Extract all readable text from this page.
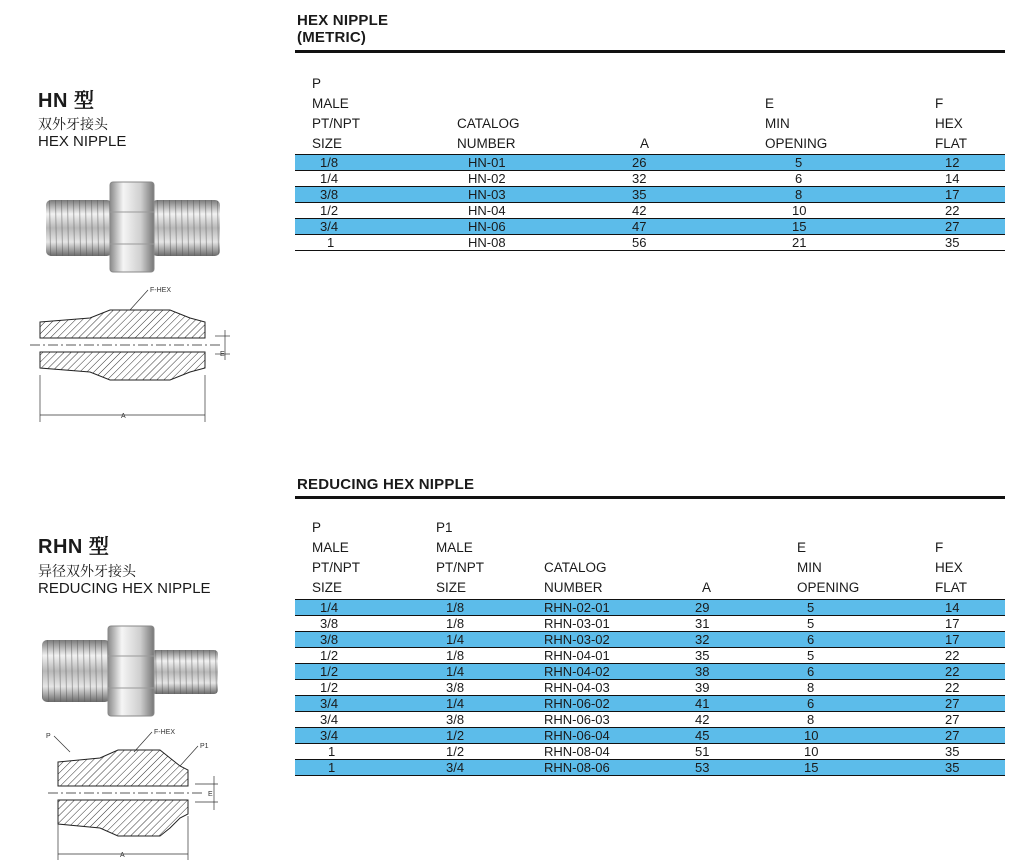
HN 型
双外牙接头
HEX NIPPLE
F-HEX
E
A
HEX NIPPLE
(METRIC)
P
MALE
PT/NPT
SIZE
CATALOG
NUMBER	A
E
MIN
OPENING
F
HEX
FLAT
1/8	HN-01	26	5	12
1/4	HN-02	32	6	14
3/8	HN-03	35	8	17
1/2	HN-04	42	10	22
3/4	HN-06	47	15	27
1	HN-08	56	21	35
RHN 型
异径双外牙接头
REDUCING HEX NIPPLE
P
F-HEX
P1
E
A
REDUCING HEX NIPPLE
P
MALE
PT/NPT
SIZE
P1
MALE
PT/NPT
SIZE
CATALOG
NUMBER	A
E
MIN
OPENING
F
HEX
FLAT
1/4	1/8	RHN-02-01	29	5	14
3/8	1/8	RHN-03-01	31	5	17
3/8	1/4	RHN-03-02	32	6	17
1/2	1/8	RHN-04-01	35	5	22
1/2	1/4	RHN-04-02	38	6	22
1/2	3/8	RHN-04-03	39	8	22
3/4	1/4	RHN-06-02	41	6	27
3/4	3/8	RHN-06-03	42	8	27
3/4	1/2	RHN-06-04	45	10	27
1	1/2	RHN-08-04	51	10	35
1	3/4	RHN-08-06	53	15	35
